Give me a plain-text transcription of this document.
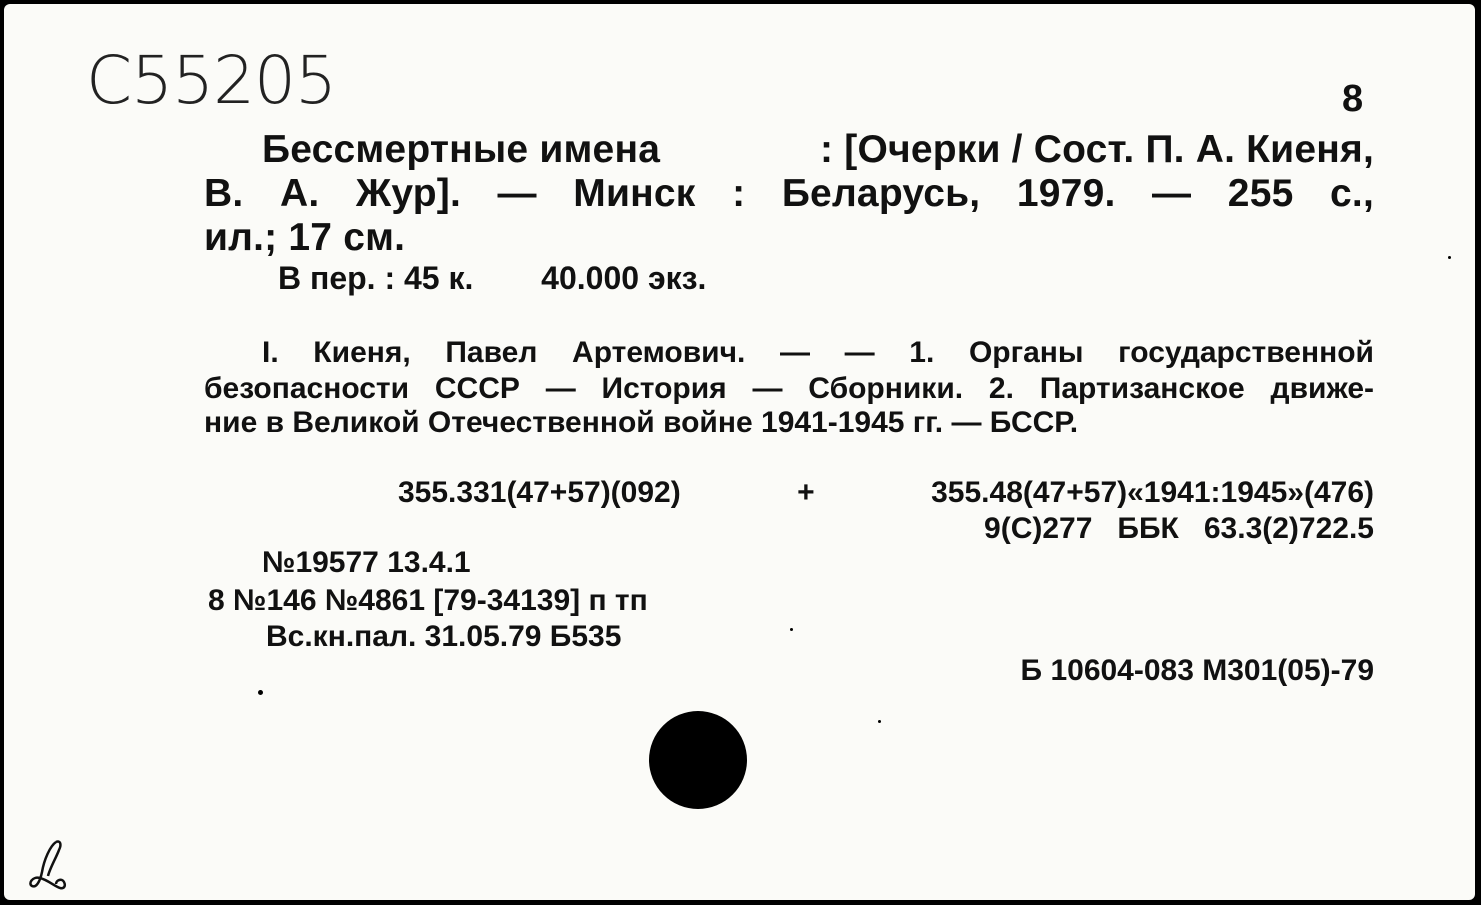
C55205	8
Бессмертные имена	: [Очерки / Сост. П. А. Киеня,
В. А. Жур]. — Минск : Беларусь, 1979. — 255 с.,
ил.; 17 см.
В пер. : 45 к. 40.000 экз.
I. Киеня, Павел Артемович. — — 1. Органы государственной
безопасности СССР — История — Сборники. 2. Партизанское движе-
ние в Великой Отечественной войне 1941-1945 гг. — БССР.
355.331(47+57)(092) + 355.48(47+57)«1941:1945»(476)
9(С)277   ББК   63.3(2)722.5
№19577 13.4.1
8 №146 №4861 [79-34139] п тп
Вс.кн.пал. 31.05.79 Б535
Б 10604-083 М301(05)-79
